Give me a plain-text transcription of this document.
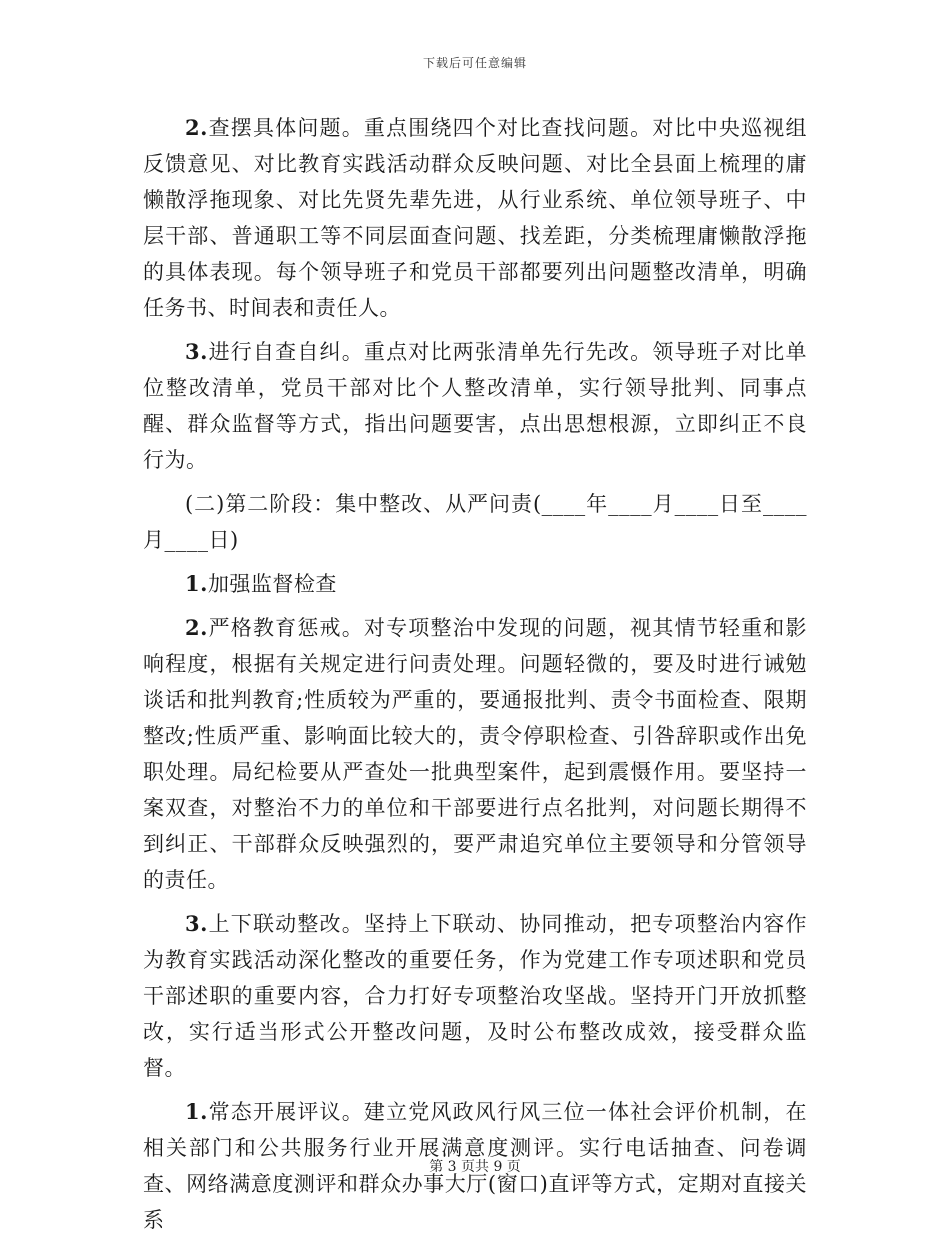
下载后可任意编辑

2.查摆具体问题。重点围绕四个对比查找问题。对比中央巡视组反馈意见、对比教育实践活动群众反映问题、对比全县面上梳理的庸懒散浮拖现象、对比先贤先辈先进，从行业系统、单位领导班子、中层干部、普通职工等不同层面查问题、找差距，分类梳理庸懒散浮拖的具体表现。每个领导班子和党员干部都要列出问题整改清单，明确任务书、时间表和责任人。

3.进行自查自纠。重点对比两张清单先行先改。领导班子对比单位整改清单，党员干部对比个人整改清单，实行领导批判、同事点醒、群众监督等方式，指出问题要害，点出思想根源，立即纠正不良行为。

(二)第二阶段：集中整改、从严问责(____年____月____日至____月____日)

1.加强监督检查

2.严格教育惩戒。对专项整治中发现的问题，视其情节轻重和影响程度，根据有关规定进行问责处理。问题轻微的，要及时进行诫勉谈话和批判教育;性质较为严重的，要通报批判、责令书面检查、限期整改;性质严重、影响面比较大的，责令停职检查、引咎辞职或作出免职处理。局纪检要从严查处一批典型案件，起到震慑作用。要坚持一案双查，对整治不力的单位和干部要进行点名批判，对问题长期得不到纠正、干部群众反映强烈的，要严肃追究单位主要领导和分管领导的责任。

3.上下联动整改。坚持上下联动、协同推动，把专项整治内容作为教育实践活动深化整改的重要任务，作为党建工作专项述职和党员干部述职的重要内容，合力打好专项整治攻坚战。坚持开门开放抓整改，实行适当形式公开整改问题，及时公布整改成效，接受群众监督。

1.常态开展评议。建立党风政风行风三位一体社会评价机制，在相关部门和公共服务行业开展满意度测评。实行电话抽查、问卷调查、网络满意度测评和群众办事大厅(窗口)直评等方式，定期对直接关系

第 3 页共 9 页
